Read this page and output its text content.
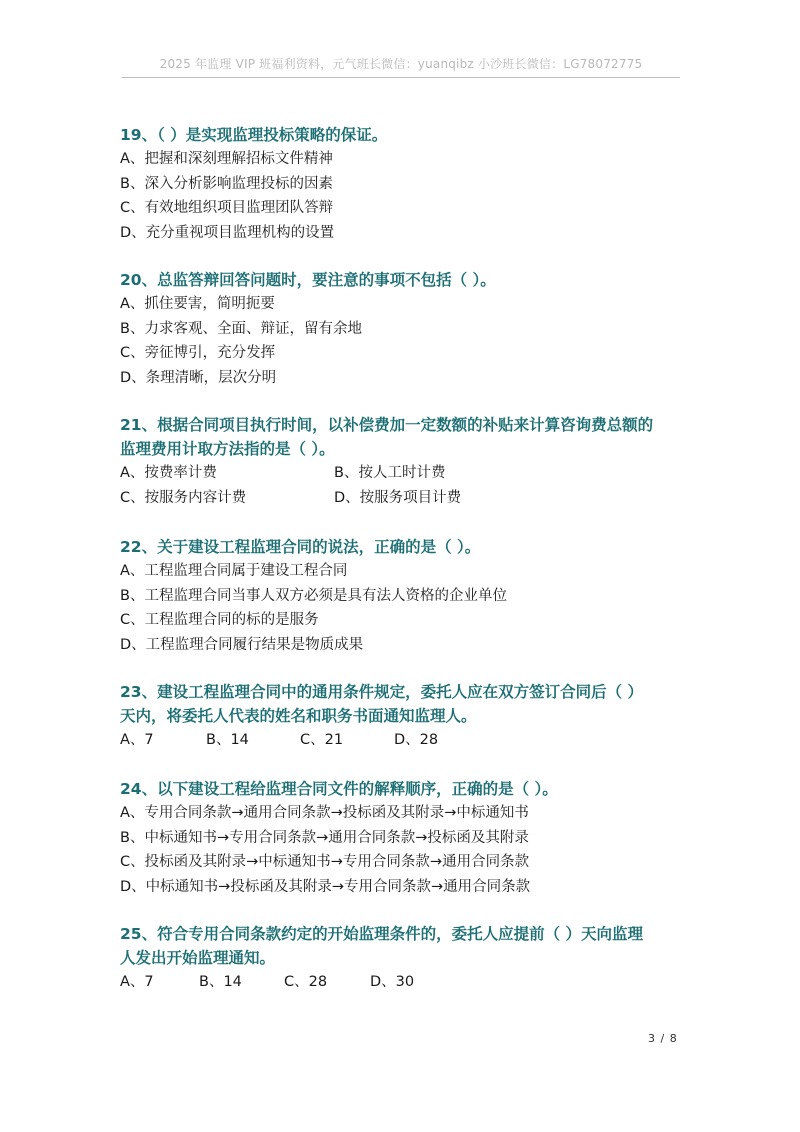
2025 年监理 VIP 班福利资料，元气班长微信：yuanqibz 小沙班长微信：LG78072775
19、（ ）是实现监理投标策略的保证。
A、把握和深刻理解招标文件精神
B、深入分析影响监理投标的因素
C、有效地组织项目监理团队答辩
D、充分重视项目监理机构的设置
20、总监答辩回答问题时，要注意的事项不包括（ ）。
A、抓住要害，简明扼要
B、力求客观、全面、辩证，留有余地
C、旁征博引，充分发挥
D、条理清晰，层次分明
21、根据合同项目执行时间，以补偿费加一定数额的补贴来计算咨询费总额的
监理费用计取方法指的是（ ）。
A、按费率计费	B、按人工时计费
C、按服务内容计费	D、按服务项目计费
22、关于建设工程监理合同的说法，正确的是（ ）。
A、工程监理合同属于建设工程合同
B、工程监理合同当事人双方必须是具有法人资格的企业单位
C、工程监理合同的标的是服务
D、工程监理合同履行结果是物质成果
23、建设工程监理合同中的通用条件规定，委托人应在双方签订合同后（ ）
天内，将委托人代表的姓名和职务书面通知监理人。
A、7	B、14	C、21	D、28
24、以下建设工程给监理合同文件的解释顺序，正确的是（ ）。
A、专用合同条款→通用合同条款→投标函及其附录→中标通知书
B、中标通知书→专用合同条款→通用合同条款→投标函及其附录
C、投标函及其附录→中标通知书→专用合同条款→通用合同条款
D、中标通知书→投标函及其附录→专用合同条款→通用合同条款
25、符合专用合同条款约定的开始监理条件的，委托人应提前（ ）天向监理
人发出开始监理通知。
A、7	B、14	C、28	D、30
3 / 8
